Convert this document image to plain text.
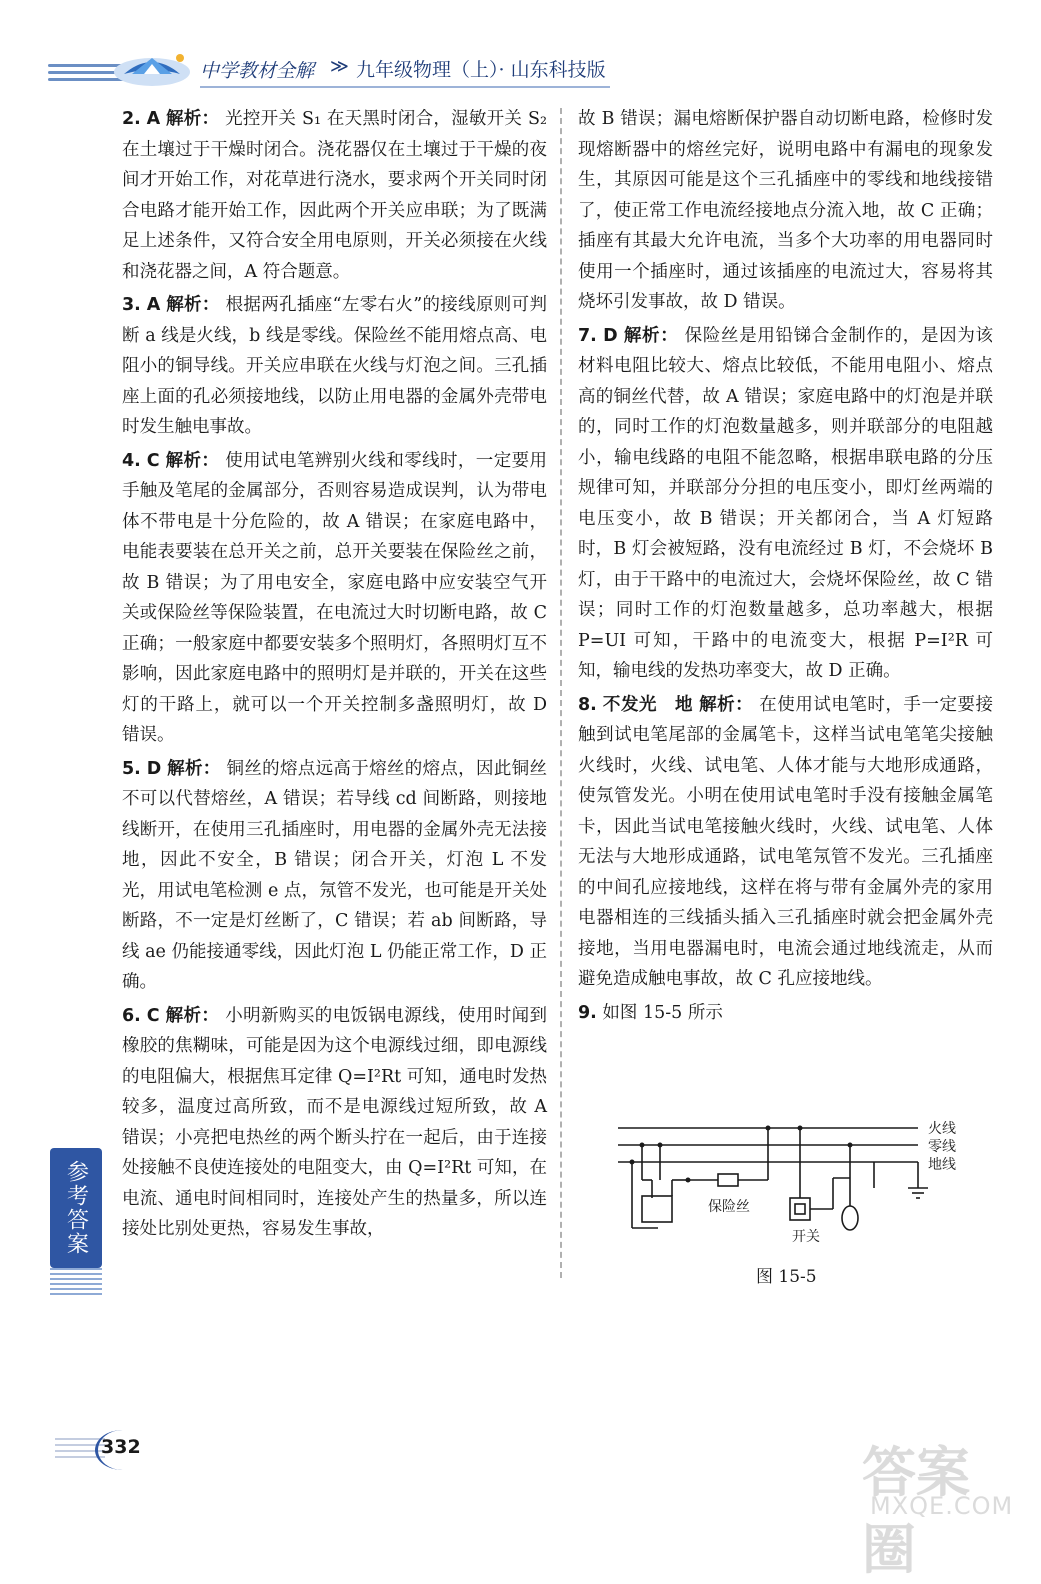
中学教材全解 ≫ 九年级物理（上）· 山东科技版
2. A 解析： 光控开关 S₁ 在天黑时闭合，湿敏开关 S₂ 在土壤过于干燥时闭合。浇花器仅在土壤过于干燥的夜间才开始工作，对花草进行浇水，要求两个开关同时闭合电路才能开始工作，因此两个开关应串联；为了既满足上述条件，又符合安全用电原则，开关必须接在火线和浇花器之间，A 符合题意。
3. A 解析： 根据两孔插座“左零右火”的接线原则可判断 a 线是火线，b 线是零线。保险丝不能用熔点高、电阻小的铜导线。开关应串联在火线与灯泡之间。三孔插座上面的孔必须接地线，以防止用电器的金属外壳带电时发生触电事故。
4. C 解析： 使用试电笔辨别火线和零线时，一定要用手触及笔尾的金属部分，否则容易造成误判，认为带电体不带电是十分危险的，故 A 错误；在家庭电路中，电能表要装在总开关之前，总开关要装在保险丝之前，故 B 错误；为了用电安全，家庭电路中应安装空气开关或保险丝等保险装置，在电流过大时切断电路，故 C 正确；一般家庭中都要安装多个照明灯，各照明灯互不影响，因此家庭电路中的照明灯是并联的，开关在这些灯的干路上，就可以一个开关控制多盏照明灯，故 D 错误。
5. D 解析： 铜丝的熔点远高于熔丝的熔点，因此铜丝不可以代替熔丝，A 错误；若导线 cd 间断路，则接地线断开，在使用三孔插座时，用电器的金属外壳无法接地，因此不安全，B 错误；闭合开关，灯泡 L 不发光，用试电笔检测 e 点，氖管不发光，也可能是开关处断路，不一定是灯丝断了，C 错误；若 ab 间断路，导线 ae 仍能接通零线，因此灯泡 L 仍能正常工作，D 正确。
6. C 解析： 小明新购买的电饭锅电源线，使用时闻到橡胶的焦糊味，可能是因为这个电源线过细，即电源线的电阻偏大，根据焦耳定律 Q=I²Rt 可知，通电时发热较多，温度过高所致，而不是电源线过短所致，故 A 错误；小亮把电热丝的两个断头拧在一起后，由于连接处接触不良使连接处的电阻变大，由 Q=I²Rt 可知，在电流、通电时间相同时，连接处产生的热量多，所以连接处比别处更热，容易发生事故，
故 B 错误；漏电熔断保护器自动切断电路，检修时发现熔断器中的熔丝完好，说明电路中有漏电的现象发生，其原因可能是这个三孔插座中的零线和地线接错了，使正常工作电流经接地点分流入地，故 C 正确；插座有其最大允许电流，当多个大功率的用电器同时使用一个插座时，通过该插座的电流过大，容易将其烧坏引发事故，故 D 错误。
7. D 解析： 保险丝是用铅锑合金制作的，是因为该材料电阻比较大、熔点比较低，不能用电阻小、熔点高的铜丝代替，故 A 错误；家庭电路中的灯泡是并联的，同时工作的灯泡数量越多，则并联部分的电阻越小，输电线路的电阻不能忽略，根据串联电路的分压规律可知，并联部分分担的电压变小，即灯丝两端的电压变小，故 B 错误；开关都闭合，当 A 灯短路时，B 灯会被短路，没有电流经过 B 灯，不会烧坏 B 灯，由于干路中的电流过大，会烧坏保险丝，故 C 错误；同时工作的灯泡数量越多，总功率越大，根据 P=UI 可知，干路中的电流变大，根据 P=I²R 可知，输电线的发热功率变大，故 D 正确。
8. 不发光　地 解析： 在使用试电笔时，手一定要接触到试电笔尾部的金属笔卡，这样当试电笔笔尖接触火线时，火线、试电笔、人体才能与大地形成通路，使氖管发光。小明在使用试电笔时手没有接触金属笔卡，因此当试电笔接触火线时，火线、试电笔、人体无法与大地形成通路，试电笔氖管不发光。三孔插座的中间孔应接地线，这样在将与带有金属外壳的家用电器相连的三线插头插入三孔插座时就会把金属外壳接地，当用电器漏电时，电流会通过地线流走，从而避免造成触电事故，故 C 孔应接地线。
9. 如图 15-5 所示
火线
零线
地线
保险丝
开关
图 15-5
参考答案
332	答案圈
MXQE.COM
